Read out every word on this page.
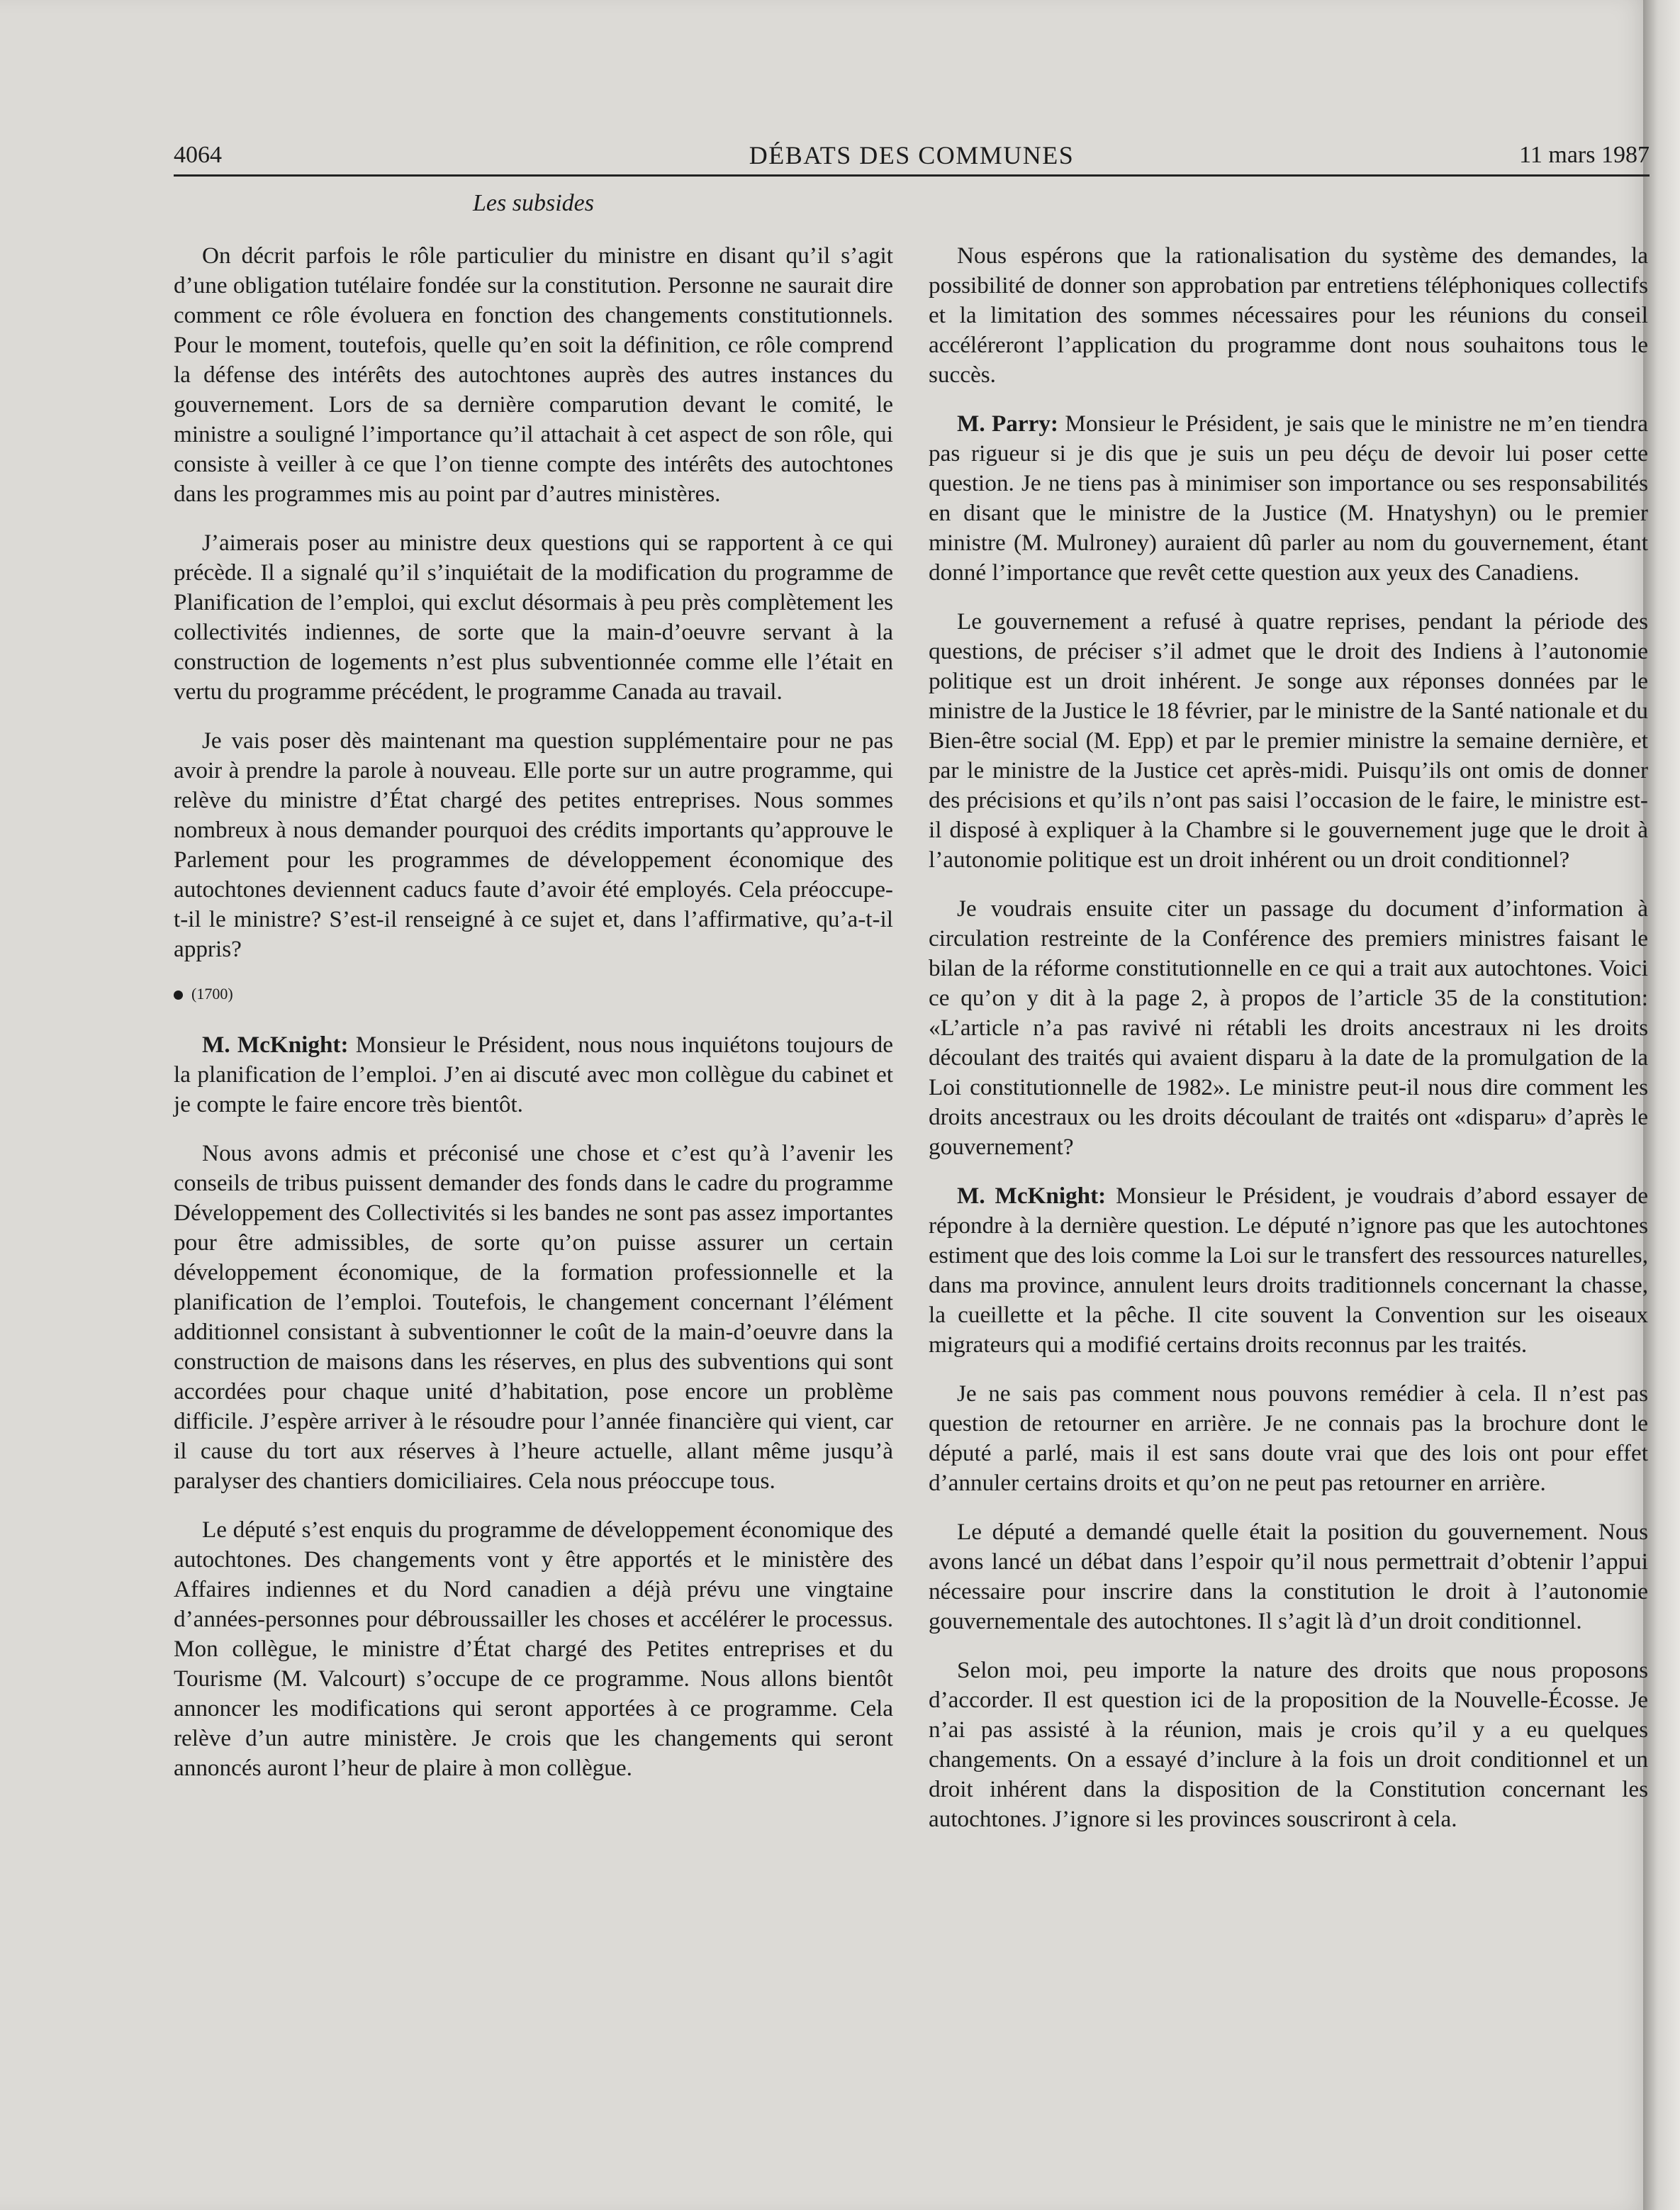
4064	DÉBATS DES COMMUNES	11 mars 1987
Les subsides

On décrit parfois le rôle particulier du ministre en disant qu’il s’agit d’une obligation tutélaire fondée sur la constitution. Personne ne saurait dire comment ce rôle évoluera en fonction des changements constitutionnels. Pour le moment, toutefois, quelle qu’en soit la définition, ce rôle comprend la défense des intérêts des autochtones auprès des autres instances du gouvernement. Lors de sa dernière comparution devant le comité, le ministre a souligné l’importance qu’il attachait à cet aspect de son rôle, qui consiste à veiller à ce que l’on tienne compte des intérêts des autochtones dans les programmes mis au point par d’autres ministères.

J’aimerais poser au ministre deux questions qui se rapportent à ce qui précède. Il a signalé qu’il s’inquiétait de la modification du programme de Planification de l’emploi, qui exclut désormais à peu près complètement les collectivités indiennes, de sorte que la main-d’oeuvre servant à la construction de logements n’est plus subventionnée comme elle l’était en vertu du programme précédent, le programme Canada au travail.

Je vais poser dès maintenant ma question supplémentaire pour ne pas avoir à prendre la parole à nouveau. Elle porte sur un autre programme, qui relève du ministre d’État chargé des petites entreprises. Nous sommes nombreux à nous demander pourquoi des crédits importants qu’approuve le Parlement pour les programmes de développement économique des autochtones deviennent caducs faute d’avoir été employés. Cela préoccupe-t-il le ministre? S’est-il renseigné à ce sujet et, dans l’affirmative, qu’a-t-il appris?

(1700)

M. McKnight: Monsieur le Président, nous nous inquiétons toujours de la planification de l’emploi. J’en ai discuté avec mon collègue du cabinet et je compte le faire encore très bientôt.

Nous avons admis et préconisé une chose et c’est qu’à l’avenir les conseils de tribus puissent demander des fonds dans le cadre du programme Développement des Collectivités si les bandes ne sont pas assez importantes pour être admissibles, de sorte qu’on puisse assurer un certain développement économique, de la formation professionnelle et la planification de l’emploi. Toutefois, le changement concernant l’élément additionnel consistant à subventionner le coût de la main-d’oeuvre dans la construction de maisons dans les réserves, en plus des subventions qui sont accordées pour chaque unité d’habitation, pose encore un problème difficile. J’espère arriver à le résoudre pour l’année financière qui vient, car il cause du tort aux réserves à l’heure actuelle, allant même jusqu’à paralyser des chantiers domiciliaires. Cela nous préoccupe tous.

Le député s’est enquis du programme de développement économique des autochtones. Des changements vont y être apportés et le ministère des Affaires indiennes et du Nord canadien a déjà prévu une vingtaine d’années-personnes pour débroussailler les choses et accélérer le processus. Mon collègue, le ministre d’État chargé des Petites entreprises et du Tourisme (M. Valcourt) s’occupe de ce programme. Nous allons bientôt annoncer les modifications qui seront apportées à ce programme. Cela relève d’un autre ministère. Je crois que les changements qui seront annoncés auront l’heur de plaire à mon collègue.

Nous espérons que la rationalisation du système des demandes, la possibilité de donner son approbation par entretiens téléphoniques collectifs et la limitation des sommes nécessaires pour les réunions du conseil accéléreront l’application du programme dont nous souhaitons tous le succès.

M. Parry: Monsieur le Président, je sais que le ministre ne m’en tiendra pas rigueur si je dis que je suis un peu déçu de devoir lui poser cette question. Je ne tiens pas à minimiser son importance ou ses responsabilités en disant que le ministre de la Justice (M. Hnatyshyn) ou le premier ministre (M. Mulroney) auraient dû parler au nom du gouvernement, étant donné l’importance que revêt cette question aux yeux des Canadiens.

Le gouvernement a refusé à quatre reprises, pendant la période des questions, de préciser s’il admet que le droit des Indiens à l’autonomie politique est un droit inhérent. Je songe aux réponses données par le ministre de la Justice le 18 février, par le ministre de la Santé nationale et du Bien-être social (M. Epp) et par le premier ministre la semaine dernière, et par le ministre de la Justice cet après-midi. Puisqu’ils ont omis de donner des précisions et qu’ils n’ont pas saisi l’occasion de le faire, le ministre est-il disposé à expliquer à la Chambre si le gouvernement juge que le droit à l’autonomie politique est un droit inhérent ou un droit conditionnel?

Je voudrais ensuite citer un passage du document d’information à circulation restreinte de la Conférence des premiers ministres faisant le bilan de la réforme constitutionnelle en ce qui a trait aux autochtones. Voici ce qu’on y dit à la page 2, à propos de l’article 35 de la constitution: «L’article n’a pas ravivé ni rétabli les droits ancestraux ni les droits découlant des traités qui avaient disparu à la date de la promulgation de la Loi constitutionnelle de 1982». Le ministre peut-il nous dire comment les droits ancestraux ou les droits découlant de traités ont «disparu» d’après le gouvernement?

M. McKnight: Monsieur le Président, je voudrais d’abord essayer de répondre à la dernière question. Le député n’ignore pas que les autochtones estiment que des lois comme la Loi sur le transfert des ressources naturelles, dans ma province, annulent leurs droits traditionnels concernant la chasse, la cueillette et la pêche. Il cite souvent la Convention sur les oiseaux migrateurs qui a modifié certains droits reconnus par les traités.

Je ne sais pas comment nous pouvons remédier à cela. Il n’est pas question de retourner en arrière. Je ne connais pas la brochure dont le député a parlé, mais il est sans doute vrai que des lois ont pour effet d’annuler certains droits et qu’on ne peut pas retourner en arrière.

Le député a demandé quelle était la position du gouvernement. Nous avons lancé un débat dans l’espoir qu’il nous permettrait d’obtenir l’appui nécessaire pour inscrire dans la constitution le droit à l’autonomie gouvernementale des autochtones. Il s’agit là d’un droit conditionnel.

Selon moi, peu importe la nature des droits que nous proposons d’accorder. Il est question ici de la proposition de la Nouvelle-Écosse. Je n’ai pas assisté à la réunion, mais je crois qu’il y a eu quelques changements. On a essayé d’inclure à la fois un droit conditionnel et un droit inhérent dans la disposition de la Constitution concernant les autochtones. J’ignore si les provinces souscriront à cela.
